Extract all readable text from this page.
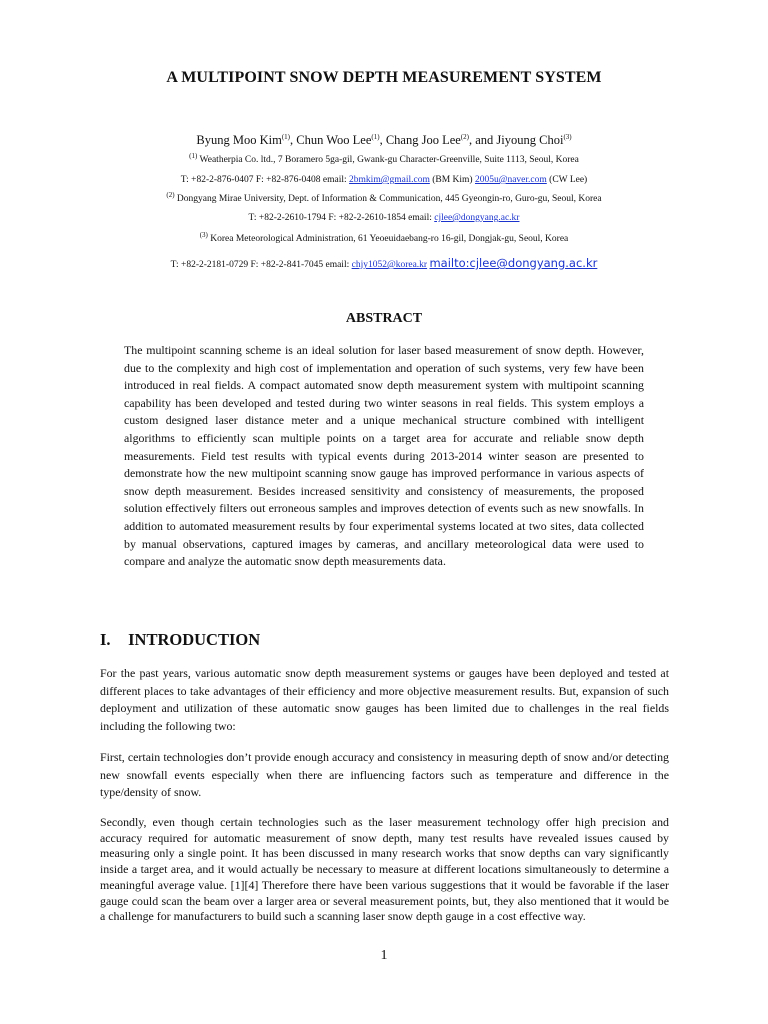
A MULTIPOINT SNOW DEPTH MEASUREMENT SYSTEM
Byung Moo Kim$^{(1)}$, Chun Woo Lee$^{(1)}$, Chang Joo Lee$^{(2)}$, and Jiyoung Choi$^{(3)}$
$^{(1)}$ Weatherpia Co. ltd., 7 Boramero 5ga-gil, Gwank-gu Character-Greenville, Suite 1113, Seoul, Korea
T: +82-2-876-0407 F: +82-876-0408 email: 2bmkim@gmail.com (BM Kim) 2005u@naver.com (CW Lee)
$^{(2)}$ Dongyang Mirae University, Dept. of Information & Communication, 445 Gyeongin-ro, Guro-gu, Seoul, Korea
T: +82-2-2610-1794 F: +82-2-2610-1854 email: cjlee@dongyang.ac.kr
$^{(3)}$ Korea Meteorological Administration, 61 Yeoeuidaebang-ro 16-gil, Dongjak-gu, Seoul, Korea
T: +82-2-2181-0729 F: +82-2-841-7045 email: chjy1052@korea.kr mailto:cjlee@dongyang.ac.kr
ABSTRACT

The multipoint scanning scheme is an ideal solution for laser based measurement of snow depth. However, due to the complexity and high cost of implementation and operation of such systems, very few have been introduced in real fields. A compact automated snow depth measurement system with multipoint scanning capability has been developed and tested during two winter seasons in real fields. This system employs a custom designed laser distance meter and a unique mechanical structure combined with intelligent algorithms to efficiently scan multiple points on a target area for accurate and reliable snow depth measurements. Field test results with typical events during 2013-2014 winter season are presented to demonstrate how the new multipoint scanning snow gauge has improved performance in various aspects of snow depth measurement. Besides increased sensitivity and consistency of measurements, the proposed solution effectively filters out erroneous samples and improves detection of events such as new snowfalls. In addition to automated measurement results by four experimental systems located at two sites, data collected by manual observations, captured images by cameras, and ancillary meteorological data were used to compare and analyze the automatic snow depth measurements data.

I. INTRODUCTION

For the past years, various automatic snow depth measurement systems or gauges have been deployed and tested at different places to take advantages of their efficiency and more objective measurement results. But, expansion of such deployment and utilization of these automatic snow gauges has been limited due to challenges in the real fields including the following two:

First, certain technologies don’t provide enough accuracy and consistency in measuring depth of snow and/or detecting new snowfall events especially when there are influencing factors such as temperature and difference in the type/density of snow.

Secondly, even though certain technologies such as the laser measurement technology offer high precision and accuracy required for automatic measurement of snow depth, many test results have revealed issues caused by measuring only a single point. It has been discussed in many research works that snow depths can vary significantly inside a target area, and it would actually be necessary to measure at different locations simultaneously to determine a meaningful average value. [1][4] Therefore there have been various suggestions that it would be favorable if the laser gauge could scan the beam over a larger area or several measurement points, but, they also mentioned that it would be a challenge for manufacturers to build such a scanning laser snow depth gauge in a cost effective way.

1
